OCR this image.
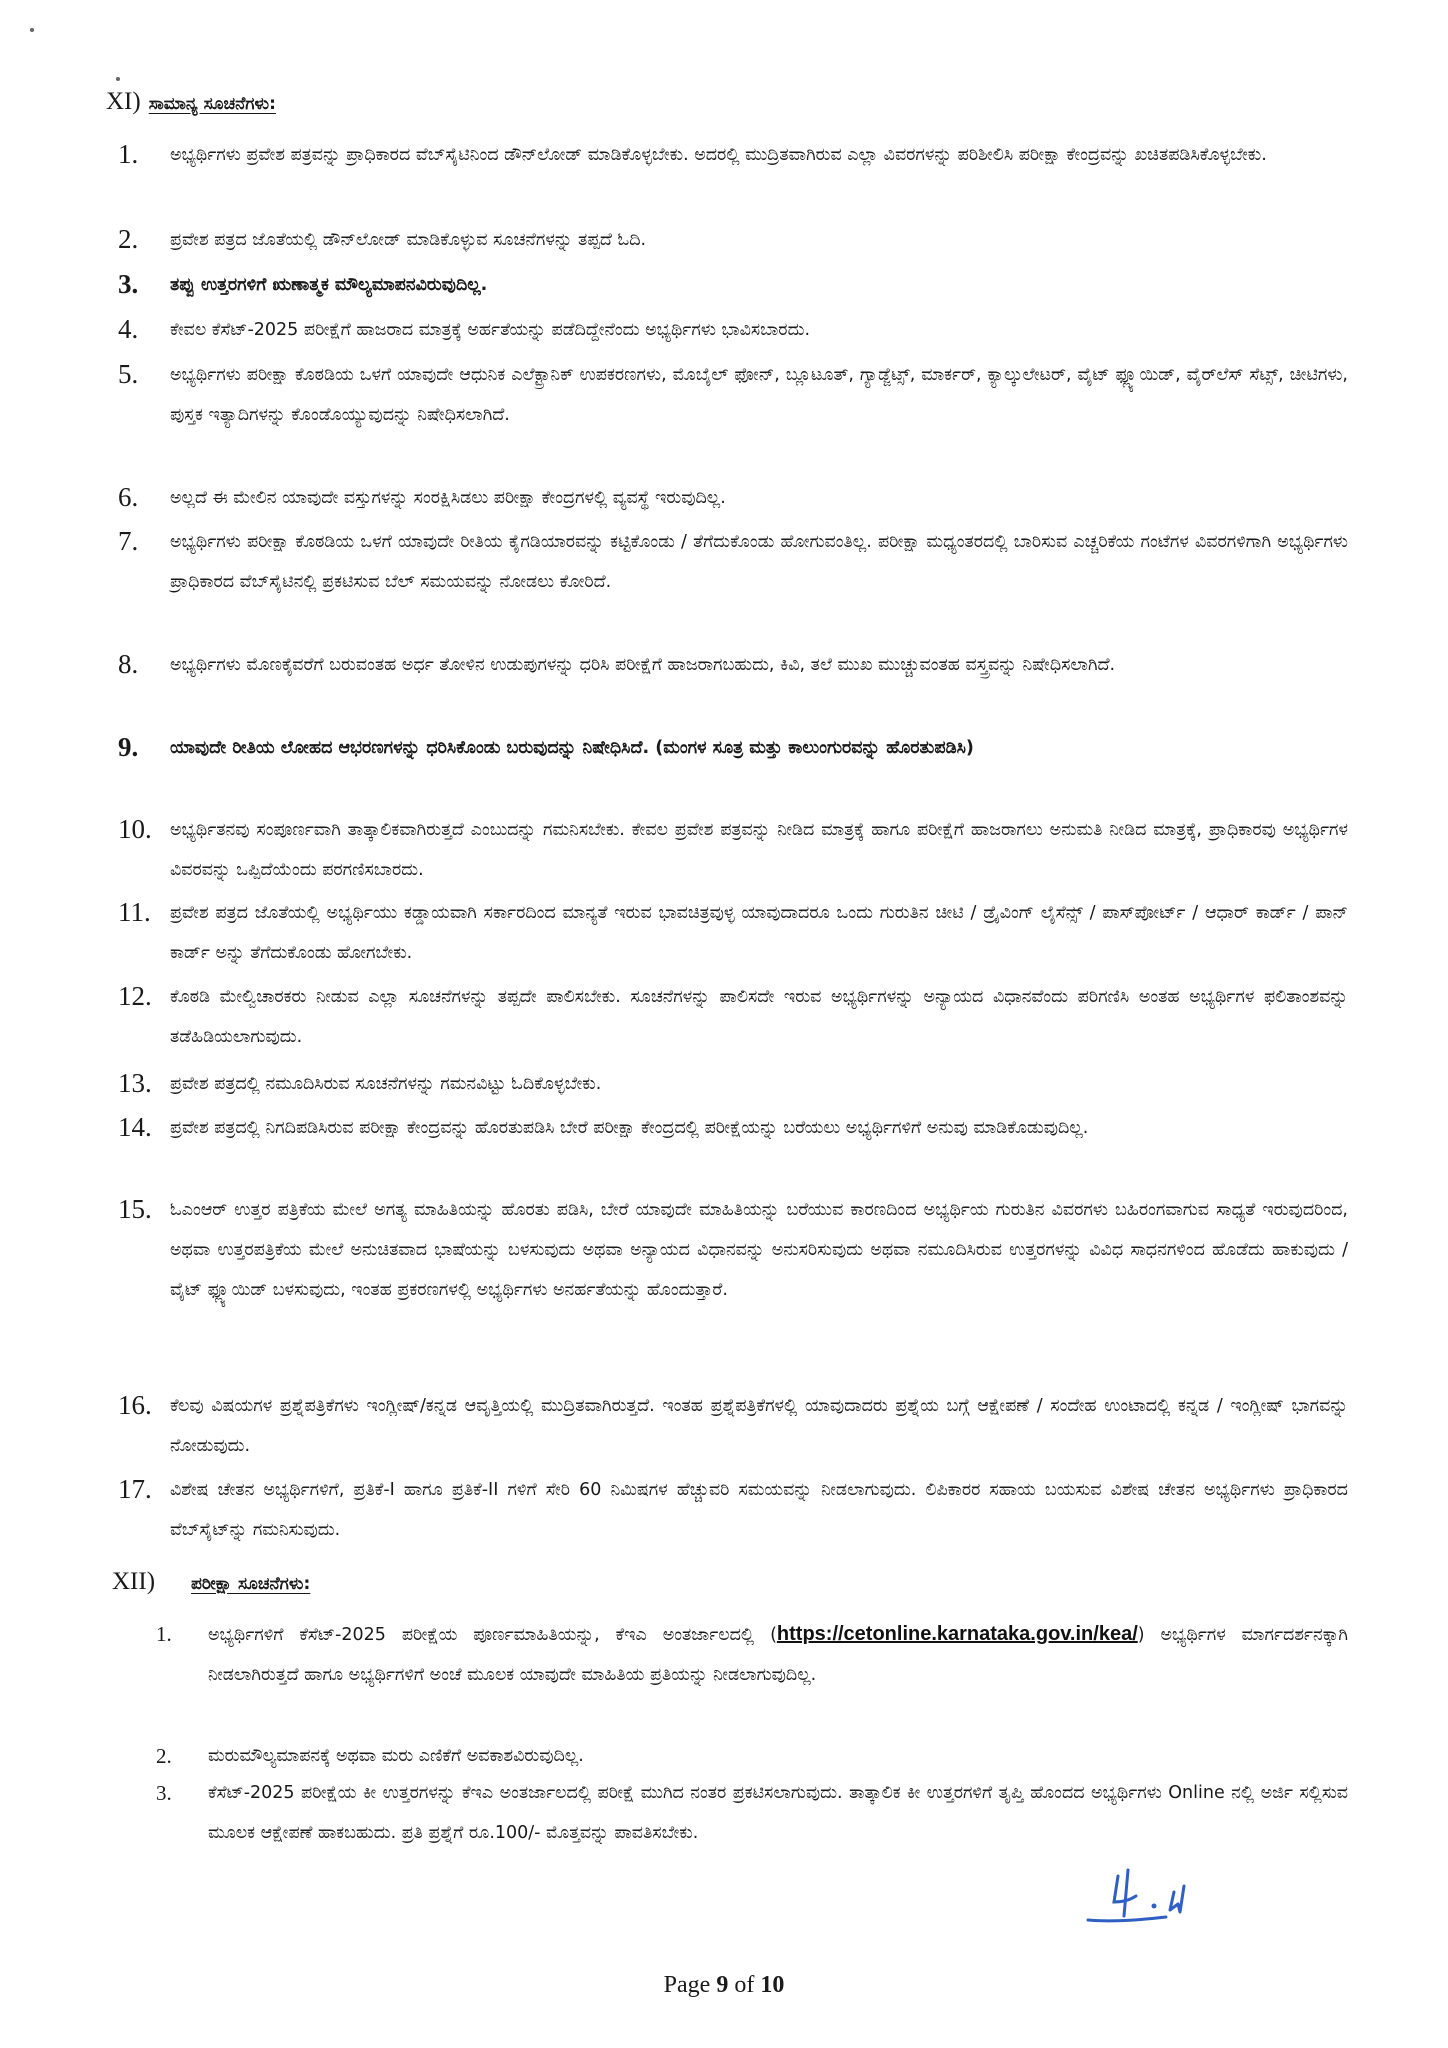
XI) ಸಾಮಾನ್ಯ ಸೂಚನೆಗಳು:
1.	ಅಭ್ಯರ್ಥಿಗಳು ಪ್ರವೇಶ ಪತ್ರವನ್ನು ಪ್ರಾಧಿಕಾರದ ವೆಬ್‌ಸೈಟಿನಿಂದ ಡೌನ್‌ಲೋಡ್ ಮಾಡಿಕೊಳ್ಳಬೇಕು. ಅದರಲ್ಲಿ ಮುದ್ರಿತವಾಗಿರುವ ಎಲ್ಲಾ ವಿವರಗಳನ್ನು ಪರಿಶೀಲಿಸಿ ಪರೀಕ್ಷಾ ಕೇಂದ್ರವನ್ನು ಖಚಿತಪಡಿಸಿಕೊಳ್ಳಬೇಕು.
2.	ಪ್ರವೇಶ ಪತ್ರದ ಜೊತೆಯಲ್ಲಿ ಡೌನ್‌ಲೋಡ್ ಮಾಡಿಕೊಳ್ಳುವ ಸೂಚನೆಗಳನ್ನು ತಪ್ಪದೆ ಓದಿ.
3.	ತಪ್ಪು ಉತ್ತರಗಳಿಗೆ ಋಣಾತ್ಮಕ ಮೌಲ್ಯಮಾಪನವಿರುವುದಿಲ್ಲ.
4.	ಕೇವಲ ಕೆಸೆಟ್-2025 ಪರೀಕ್ಷೆಗೆ ಹಾಜರಾದ ಮಾತ್ರಕ್ಕೆ ಅರ್ಹತೆಯನ್ನು ಪಡೆದಿದ್ದೇನೆಂದು ಅಭ್ಯರ್ಥಿಗಳು ಭಾವಿಸಬಾರದು.
5.	ಅಭ್ಯರ್ಥಿಗಳು ಪರೀಕ್ಷಾ ಕೊಠಡಿಯ ಒಳಗೆ ಯಾವುದೇ ಆಧುನಿಕ ಎಲೆಕ್ಟ್ರಾನಿಕ್ ಉಪಕರಣಗಳು, ಮೊಬೈಲ್ ಫೋನ್, ಬ್ಲೂಟೂತ್, ಗ್ಯಾಡ್ಜೆಟ್ಸ್, ಮಾರ್ಕರ್, ಕ್ಯಾಲ್ಕುಲೇಟರ್, ವೈಟ್ ಫ್ಲ್ಯೂಯಿಡ್, ವೈರ್‌ಲೆಸ್ ಸೆಟ್ಸ್, ಚೀಟಿಗಳು, ಪುಸ್ತಕ ಇತ್ಯಾದಿಗಳನ್ನು ಕೊಂಡೊಯ್ಯುವುದನ್ನು ನಿಷೇಧಿಸಲಾಗಿದೆ.
6.	ಅಲ್ಲದೆ ಈ ಮೇಲಿನ ಯಾವುದೇ ವಸ್ತುಗಳನ್ನು ಸಂರಕ್ಷಿಸಿಡಲು ಪರೀಕ್ಷಾ ಕೇಂದ್ರಗಳಲ್ಲಿ ವ್ಯವಸ್ಥೆ ಇರುವುದಿಲ್ಲ.
7.	ಅಭ್ಯರ್ಥಿಗಳು ಪರೀಕ್ಷಾ ಕೊಠಡಿಯ ಒಳಗೆ ಯಾವುದೇ ರೀತಿಯ ಕೈಗಡಿಯಾರವನ್ನು ಕಟ್ಟಿಕೊಂಡು / ತೆಗೆದುಕೊಂಡು ಹೋಗುವಂತಿಲ್ಲ. ಪರೀಕ್ಷಾ ಮಧ್ಯಂತರದಲ್ಲಿ ಬಾರಿಸುವ ಎಚ್ಚರಿಕೆಯ ಗಂಟೆಗಳ ವಿವರಗಳಿಗಾಗಿ ಅಭ್ಯರ್ಥಿಗಳು ಪ್ರಾಧಿಕಾರದ ವೆಬ್‌ಸೈಟಿನಲ್ಲಿ ಪ್ರಕಟಿಸುವ ಬೆಲ್ ಸಮಯವನ್ನು ನೋಡಲು ಕೋರಿದೆ.
8.	ಅಭ್ಯರ್ಥಿಗಳು ಮೊಣಕೈವರೆಗೆ ಬರುವಂತಹ ಅರ್ಧ ತೋಳಿನ ಉಡುಪುಗಳನ್ನು ಧರಿಸಿ ಪರೀಕ್ಷೆಗೆ ಹಾಜರಾಗಬಹುದು, ಕಿವಿ, ತಲೆ ಮುಖ ಮುಚ್ಚುವಂತಹ ವಸ್ತ್ರವನ್ನು ನಿಷೇಧಿಸಲಾಗಿದೆ.
9.	ಯಾವುದೇ ರೀತಿಯ ಲೋಹದ ಆಭರಣಗಳನ್ನು ಧರಿಸಿಕೊಂಡು ಬರುವುದನ್ನು ನಿಷೇಧಿಸಿದೆ. (ಮಂಗಳ ಸೂತ್ರ ಮತ್ತು ಕಾಲುಂಗುರವನ್ನು ಹೊರತುಪಡಿಸಿ)
10.	ಅಭ್ಯರ್ಥಿತನವು ಸಂಪೂರ್ಣವಾಗಿ ತಾತ್ಕಾಲಿಕವಾಗಿರುತ್ತದೆ ಎಂಬುದನ್ನು ಗಮನಿಸಬೇಕು. ಕೇವಲ ಪ್ರವೇಶ ಪತ್ರವನ್ನು ನೀಡಿದ ಮಾತ್ರಕ್ಕೆ ಹಾಗೂ ಪರೀಕ್ಷೆಗೆ ಹಾಜರಾಗಲು ಅನುಮತಿ ನೀಡಿದ ಮಾತ್ರಕ್ಕೆ, ಪ್ರಾಧಿಕಾರವು ಅಭ್ಯರ್ಥಿಗಳ ವಿವರವನ್ನು ಒಪ್ಪಿದೆಯೆಂದು ಪರಗಣಿಸಬಾರದು.
11.	ಪ್ರವೇಶ ಪತ್ರದ ಜೊತೆಯಲ್ಲಿ ಅಭ್ಯರ್ಥಿಯು ಕಡ್ಡಾಯವಾಗಿ ಸರ್ಕಾರದಿಂದ ಮಾನ್ಯತೆ ಇರುವ ಭಾವಚಿತ್ರವುಳ್ಳ ಯಾವುದಾದರೂ ಒಂದು ಗುರುತಿನ ಚೀಟಿ / ಡ್ರೈವಿಂಗ್ ಲೈಸೆನ್ಸ್ / ಪಾಸ್‌ಪೋರ್ಟ್ / ಆಧಾರ್ ಕಾರ್ಡ್ / ಪಾನ್ ಕಾರ್ಡ್ ಅನ್ನು ತೆಗೆದುಕೊಂಡು ಹೋಗಬೇಕು.
12.	ಕೊಠಡಿ ಮೇಲ್ವಿಚಾರಕರು ನೀಡುವ ಎಲ್ಲಾ ಸೂಚನೆಗಳನ್ನು ತಪ್ಪದೇ ಪಾಲಿಸಬೇಕು. ಸೂಚನೆಗಳನ್ನು ಪಾಲಿಸದೇ ಇರುವ ಅಭ್ಯರ್ಥಿಗಳನ್ನು ಅನ್ಯಾಯದ ವಿಧಾನವೆಂದು ಪರಿಗಣಿಸಿ ಅಂತಹ ಅಭ್ಯರ್ಥಿಗಳ ಫಲಿತಾಂಶವನ್ನು ತಡೆಹಿಡಿಯಲಾಗುವುದು.
13.	ಪ್ರವೇಶ ಪತ್ರದಲ್ಲಿ ನಮೂದಿಸಿರುವ ಸೂಚನೆಗಳನ್ನು ಗಮನವಿಟ್ಟು ಓದಿಕೊಳ್ಳಬೇಕು.
14.	ಪ್ರವೇಶ ಪತ್ರದಲ್ಲಿ ನಿಗದಿಪಡಿಸಿರುವ ಪರೀಕ್ಷಾ ಕೇಂದ್ರವನ್ನು ಹೊರತುಪಡಿಸಿ ಬೇರೆ ಪರೀಕ್ಷಾ ಕೇಂದ್ರದಲ್ಲಿ ಪರೀಕ್ಷೆಯನ್ನು ಬರೆಯಲು ಅಭ್ಯರ್ಥಿಗಳಿಗೆ ಅನುವು ಮಾಡಿಕೊಡುವುದಿಲ್ಲ.
15.	ಓಎಂಆರ್ ಉತ್ತರ ಪತ್ರಿಕೆಯ ಮೇಲೆ ಅಗತ್ಯ ಮಾಹಿತಿಯನ್ನು ಹೊರತು ಪಡಿಸಿ, ಬೇರೆ ಯಾವುದೇ ಮಾಹಿತಿಯನ್ನು ಬರೆಯುವ ಕಾರಣದಿಂದ ಅಭ್ಯರ್ಥಿಯ ಗುರುತಿನ ವಿವರಗಳು ಬಹಿರಂಗವಾಗುವ ಸಾಧ್ಯತೆ ಇರುವುದರಿಂದ, ಅಥವಾ ಉತ್ತರಪತ್ರಿಕೆಯ ಮೇಲೆ ಅನುಚಿತವಾದ ಭಾಷೆಯನ್ನು ಬಳಸುವುದು ಅಥವಾ ಅನ್ಯಾಯದ ವಿಧಾನವನ್ನು ಅನುಸರಿಸುವುದು ಅಥವಾ ನಮೂದಿಸಿರುವ ಉತ್ತರಗಳನ್ನು ವಿವಿಧ ಸಾಧನಗಳಿಂದ ಹೊಡೆದು ಹಾಕುವುದು / ವೈಟ್ ಫ್ಲ್ಯೂಯಿಡ್ ಬಳಸುವುದು, ಇಂತಹ ಪ್ರಕರಣಗಳಲ್ಲಿ ಅಭ್ಯರ್ಥಿಗಳು ಅನರ್ಹತೆಯನ್ನು ಹೊಂದುತ್ತಾರೆ.
16.	ಕೆಲವು ವಿಷಯಗಳ ಪ್ರಶ್ನೆಪತ್ರಿಕೆಗಳು ಇಂಗ್ಲೀಷ್/ಕನ್ನಡ ಆವೃತ್ತಿಯಲ್ಲಿ ಮುದ್ರಿತವಾಗಿರುತ್ತದೆ. ಇಂತಹ ಪ್ರಶ್ನೆಪತ್ರಿಕೆಗಳಲ್ಲಿ ಯಾವುದಾದರು ಪ್ರಶ್ನೆಯ ಬಗ್ಗೆ ಆಕ್ಷೇಪಣೆ / ಸಂದೇಹ ಉಂಟಾದಲ್ಲಿ ಕನ್ನಡ / ಇಂಗ್ಲೀಷ್ ಭಾಗವನ್ನು ನೋಡುವುದು.
17.	ವಿಶೇಷ ಚೇತನ ಅಭ್ಯರ್ಥಿಗಳಿಗೆ, ಪ್ರತಿಕೆ-I ಹಾಗೂ ಪ್ರತಿಕೆ-II ಗಳಿಗೆ ಸೇರಿ 60 ನಿಮಿಷಗಳ ಹೆಚ್ಚುವರಿ ಸಮಯವನ್ನು ನೀಡಲಾಗುವುದು. ಲಿಪಿಕಾರರ ಸಹಾಯ ಬಯಸುವ ವಿಶೇಷ ಚೇತನ ಅಭ್ಯರ್ಥಿಗಳು ಪ್ರಾಧಿಕಾರದ ವೆಬ್‌ಸೈಟ್‌ನ್ನು ಗಮನಿಸುವುದು.
XII) ಪರೀಕ್ಷಾ ಸೂಚನೆಗಳು:
1.	ಅಭ್ಯರ್ಥಿಗಳಿಗೆ ಕೆಸೆಟ್-2025 ಪರೀಕ್ಷೆಯ ಪೂರ್ಣಮಾಹಿತಿಯನ್ನು, ಕೆಇಎ ಅಂತರ್ಜಾಲದಲ್ಲಿ (https://cetonline.karnataka.gov.in/kea/) ಅಭ್ಯರ್ಥಿಗಳ ಮಾರ್ಗದರ್ಶನಕ್ಕಾಗಿ ನೀಡಲಾಗಿರುತ್ತದೆ ಹಾಗೂ ಅಭ್ಯರ್ಥಿಗಳಿಗೆ ಅಂಚೆ ಮೂಲಕ ಯಾವುದೇ ಮಾಹಿತಿಯ ಪ್ರತಿಯನ್ನು ನೀಡಲಾಗುವುದಿಲ್ಲ.
2.	ಮರುಮೌಲ್ಯಮಾಪನಕ್ಕೆ ಅಥವಾ ಮರು ಎಣಿಕೆಗೆ ಅವಕಾಶವಿರುವುದಿಲ್ಲ.
3.	ಕೆಸೆಟ್-2025 ಪರೀಕ್ಷೆಯ ಕೀ ಉತ್ತರಗಳನ್ನು ಕೆಇಎ ಅಂತರ್ಜಾಲದಲ್ಲಿ ಪರೀಕ್ಷೆ ಮುಗಿದ ನಂತರ ಪ್ರಕಟಿಸಲಾಗುವುದು. ತಾತ್ಕಾಲಿಕ ಕೀ ಉತ್ತರಗಳಿಗೆ ತೃಪ್ತಿ ಹೊಂದದ ಅಭ್ಯರ್ಥಿಗಳು Online ನಲ್ಲಿ ಅರ್ಜಿ ಸಲ್ಲಿಸುವ ಮೂಲಕ ಆಕ್ಷೇಪಣೆ ಹಾಕಬಹುದು. ಪ್ರತಿ ಪ್ರಶ್ನೆಗೆ ರೂ.100/- ಮೊತ್ತವನ್ನು ಪಾವತಿಸಬೇಕು.
Page 9 of 10
